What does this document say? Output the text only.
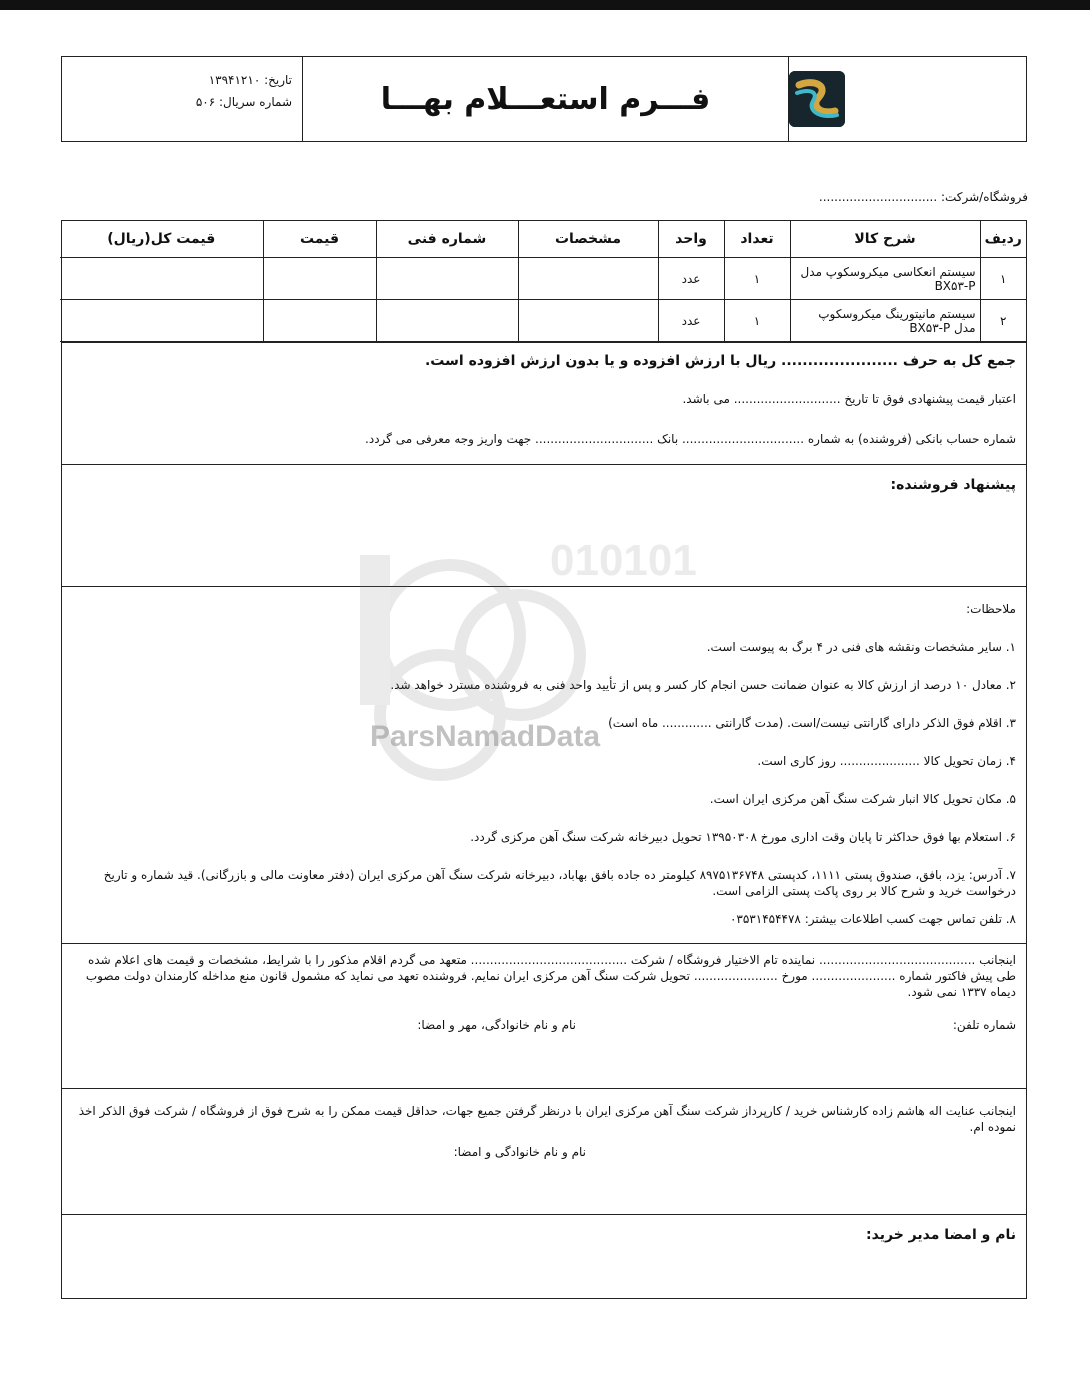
فـــرم استعـــلام بهـــا
تاریخ: ۱۳۹۴۱۲۱۰
شماره سریال: ۵۰۶
فروشگاه/شرکت: ...............................
ردیف	شرح کالا	تعداد	واحد	مشخصات	شماره فنی	قیمت	قیمت کل(ریال)
۱	سیستم انعکاسی میکروسکوپ مدل BX۵۳-P	۱	عدد				
۲	سیستم مانیتورینگ میکروسکوپ مدل BX۵۳-P	۱	عدد				

جمع کل به حرف ...................... ریال با ارزش افزوده و یا بدون ارزش افزوده است.

اعتبار قیمت پیشنهادی فوق تا تاریخ ............................ می باشد.

شماره حساب بانکی (فروشنده) به شماره ................................ بانک ............................... جهت واریز وجه معرفی می گردد.

پیشنهاد فروشنده:

ملاحظات:
۱. سایر مشخصات ونقشه های فنی در ۴ برگ به پیوست است.
۲. معادل ۱۰ درصد از ارزش کالا به عنوان ضمانت حسن انجام کار کسر و پس از تأیید واحد فنی به فروشنده مسترد خواهد شد.
۳. اقلام فوق الذکر دارای گارانتی نیست/است. (مدت گارانتی ............. ماه است)
۴. زمان تحویل کالا ..................... روز کاری است.
۵. مکان تحویل کالا انبار شرکت سنگ آهن مرکزی ایران است.
۶. استعلام بها فوق حداکثر تا پایان وقت اداری مورخ ۱۳۹۵۰۳۰۸ تحویل دبیرخانه شرکت سنگ آهن مرکزی گردد.
۷. آدرس: یزد، بافق، صندوق پستی ۱۱۱۱، کدپستی ۸۹۷۵۱۳۶۷۴۸ کیلومتر ده جاده بافق بهاباد، دبیرخانه شرکت سنگ آهن مرکزی ایران (دفتر معاونت مالی و بازرگانی). قید شماره و تاریخ درخواست خرید و شرح کالا بر روی پاکت پستی الزامی است.
۸. تلفن تماس جهت کسب اطلاعات بیشتر: ۰۳۵۳۱۴۵۴۴۷۸
اینجانب ......................................... نماینده تام الاختیار فروشگاه / شرکت ......................................... متعهد می گردم اقلام مذکور را با شرایط، مشخصات و قیمت های اعلام شده طی پیش فاکتور شماره ...................... مورخ ...................... تحویل شرکت سنگ آهن مرکزی ایران نمایم. فروشنده تعهد می نماید که مشمول قانون منع مداخله کارمندان دولت مصوب دیماه ۱۳۳۷ نمی شود.
شماره تلفن:
نام و نام خانوادگی، مهر و امضا:
اینجانب عنایت اله هاشم زاده کارشناس خرید / کارپرداز شرکت سنگ آهن مرکزی ایران با درنظر گرفتن جمیع جهات، حداقل قیمت ممکن را به شرح فوق از فروشگاه / شرکت فوق الذکر اخذ نموده ام.
نام و نام خانوادگی و امضا:
نام و امضا مدیر خرید:
010101
ParsNamadData
